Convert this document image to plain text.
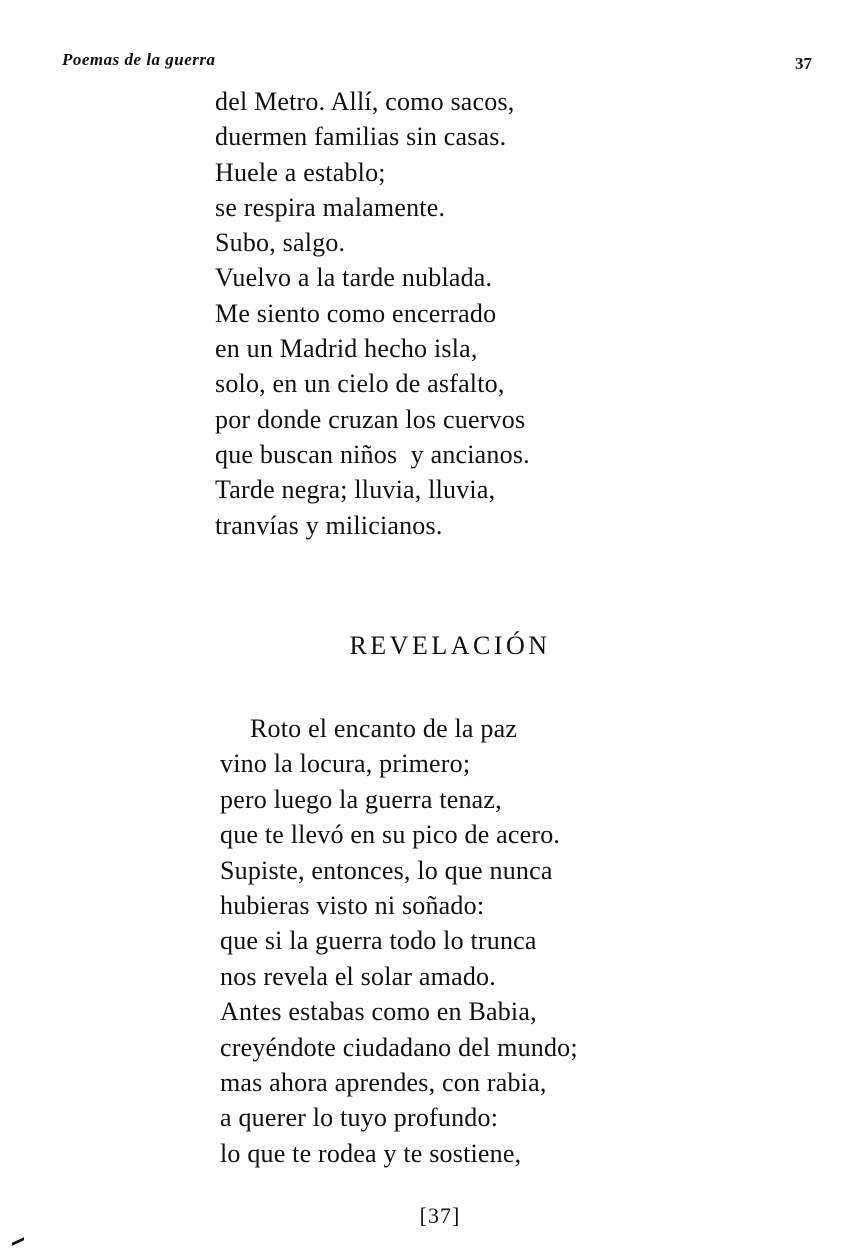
Poemas de la guerra	37
del Metro. Allí, como sacos,
duermen familias sin casas.
Huele a establo;
se respira malamente.
Subo, salgo.
Vuelvo a la tarde nublada.
Me siento como encerrado
en un Madrid hecho isla,
solo, en un cielo de asfalto,
por donde cruzan los cuervos
que buscan niños  y ancianos.
Tarde negra; lluvia, lluvia,
tranvías y milicianos.
REVELACIÓN
Roto el encanto de la paz
vino la locura, primero;
pero luego la guerra tenaz,
que te llevó en su pico de acero.
Supiste, entonces, lo que nunca
hubieras visto ni soñado:
que si la guerra todo lo trunca
nos revela el solar amado.
Antes estabas como en Babia,
creyéndote ciudadano del mundo;
mas ahora aprendes, con rabia,
a querer lo tuyo profundo:
lo que te rodea y te sostiene,
[37]
